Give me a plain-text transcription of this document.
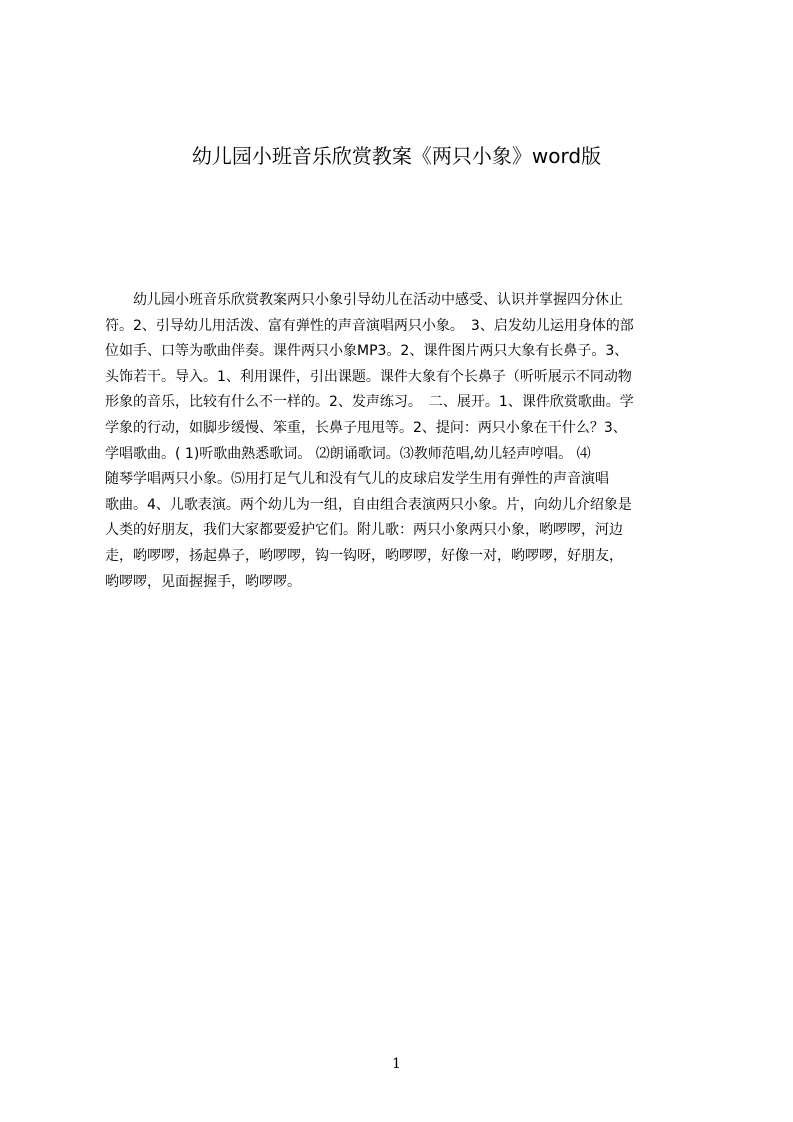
幼儿园小班音乐欣赏教案《两只小象》word版
　　幼儿园小班音乐欣赏教案两只小象引导幼儿在活动中感受、认识并掌握四分休止
符。2、引导幼儿用活泼、富有弹性的声音演唱两只小象。　3、启发幼儿运用身体的部
位如手、口等为歌曲伴奏。课件两只小象MP3。2、课件图片两只大象有长鼻子。3、
头饰若干。导入。1、利用课件，引出课题。课件大象有个长鼻子（听听展示不同动物
形象的音乐，比较有什么不一样的。2、发声练习。　二、展开。1、课件欣赏歌曲。学
学象的行动，如脚步缓慢、笨重，长鼻子甩甩等。2、提问：两只小象在干什么？3、
学唱歌曲。( 1)听歌曲熟悉歌词。 ⑵朗诵歌词。⑶教师范唱,幼儿轻声哼唱。 ⑷
随琴学唱两只小象。⑸用打足气儿和没有气儿的皮球启发学生用有弹性的声音演唱
歌曲。4、儿歌表演。两个幼儿为一组，自由组合表演两只小象。片，向幼儿介绍象是
人类的好朋友，我们大家都要爱护它们。附儿歌：两只小象两只小象，哟啰啰，河边
走，哟啰啰，扬起鼻子，哟啰啰，钩一钩呀，哟啰啰，好像一对，哟啰啰，好朋友，
哟啰啰，见面握握手，哟啰啰。
1
